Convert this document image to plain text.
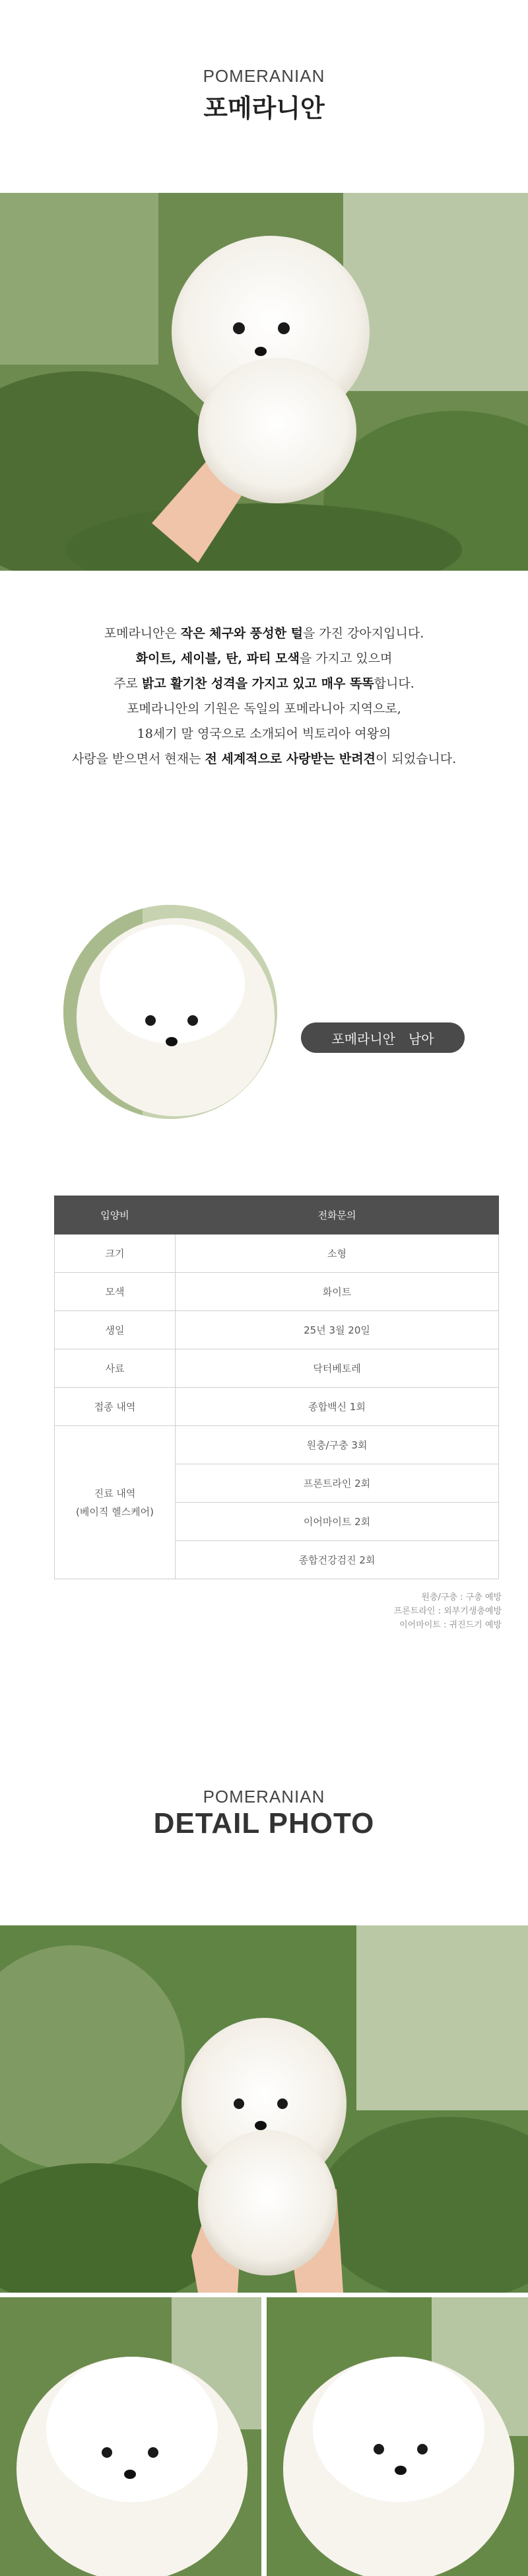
POMERANIAN
포메라니안
포메라니안은 작은 체구와 풍성한 털을 가진 강아지입니다.
화이트, 세이블, 탄, 파티 모색을 가지고 있으며
주로 밝고 활기찬 성격을 가지고 있고 매우 똑똑합니다.
포메라니안의 기원은 독일의 포메라니아 지역으로,
18세기 말 영국으로 소개되어 빅토리아 여왕의
사랑을 받으면서 현재는 전 세계적으로 사랑받는 반려견이 되었습니다.
포메라니안 남아
입양비	전화문의
크기	소형
모색	화이트
생일	25년 3월 20일
사료	닥터베토레
접종 내역	종합백신 1회

진료 내역
(베이직 헬스케어)	원충/구충 3회
	프론트라인 2회
	이어마이트 2회
	종합건강검진 2회
원충/구충 : 구충 예방
프론트라인 : 외부기생충예방
이어마이트 : 귀진드기 예방
POMERANIAN
DETAIL PHOTO
